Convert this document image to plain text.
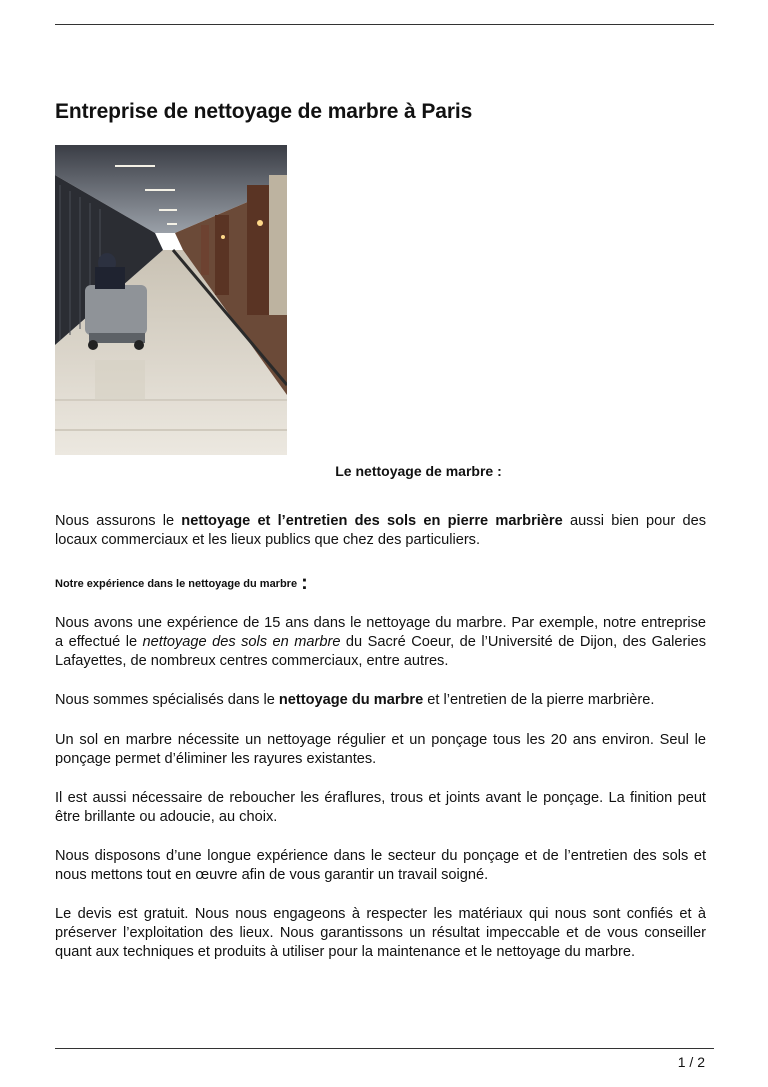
Entreprise de nettoyage de marbre à Paris
Le nettoyage de marbre :

Nous assurons le nettoyage et l’entretien des sols en pierre marbrière aussi bien pour des locaux commerciaux et les lieux publics que chez des particuliers.

Notre expérience dans le nettoyage du marbre :

Nous avons une expérience de 15 ans dans le nettoyage du marbre. Par exemple, notre entreprise a effectué le nettoyage des sols en marbre du Sacré Coeur, de l’Université de Dijon, des Galeries Lafayettes, de nombreux centres commerciaux, entre autres.

Nous sommes spécialisés dans le nettoyage du marbre et l’entretien de la pierre marbrière.

Un sol en marbre nécessite un nettoyage régulier et un ponçage tous les 20 ans environ. Seul le ponçage permet d’éliminer les rayures existantes.

Il est aussi nécessaire de reboucher les éraflures, trous et joints avant le ponçage. La finition peut être brillante ou adoucie, au choix.

Nous disposons d’une longue expérience dans le secteur du ponçage et de l’entretien des sols et nous mettons tout en œuvre afin de vous garantir un travail soigné.

Le devis est gratuit. Nous nous engageons à respecter les matériaux qui nous sont confiés et à préserver l’exploitation des lieux. Nous garantissons un résultat impeccable et de vous conseiller quant aux techniques et produits à utiliser pour la maintenance et le nettoyage du marbre.

1 / 2
